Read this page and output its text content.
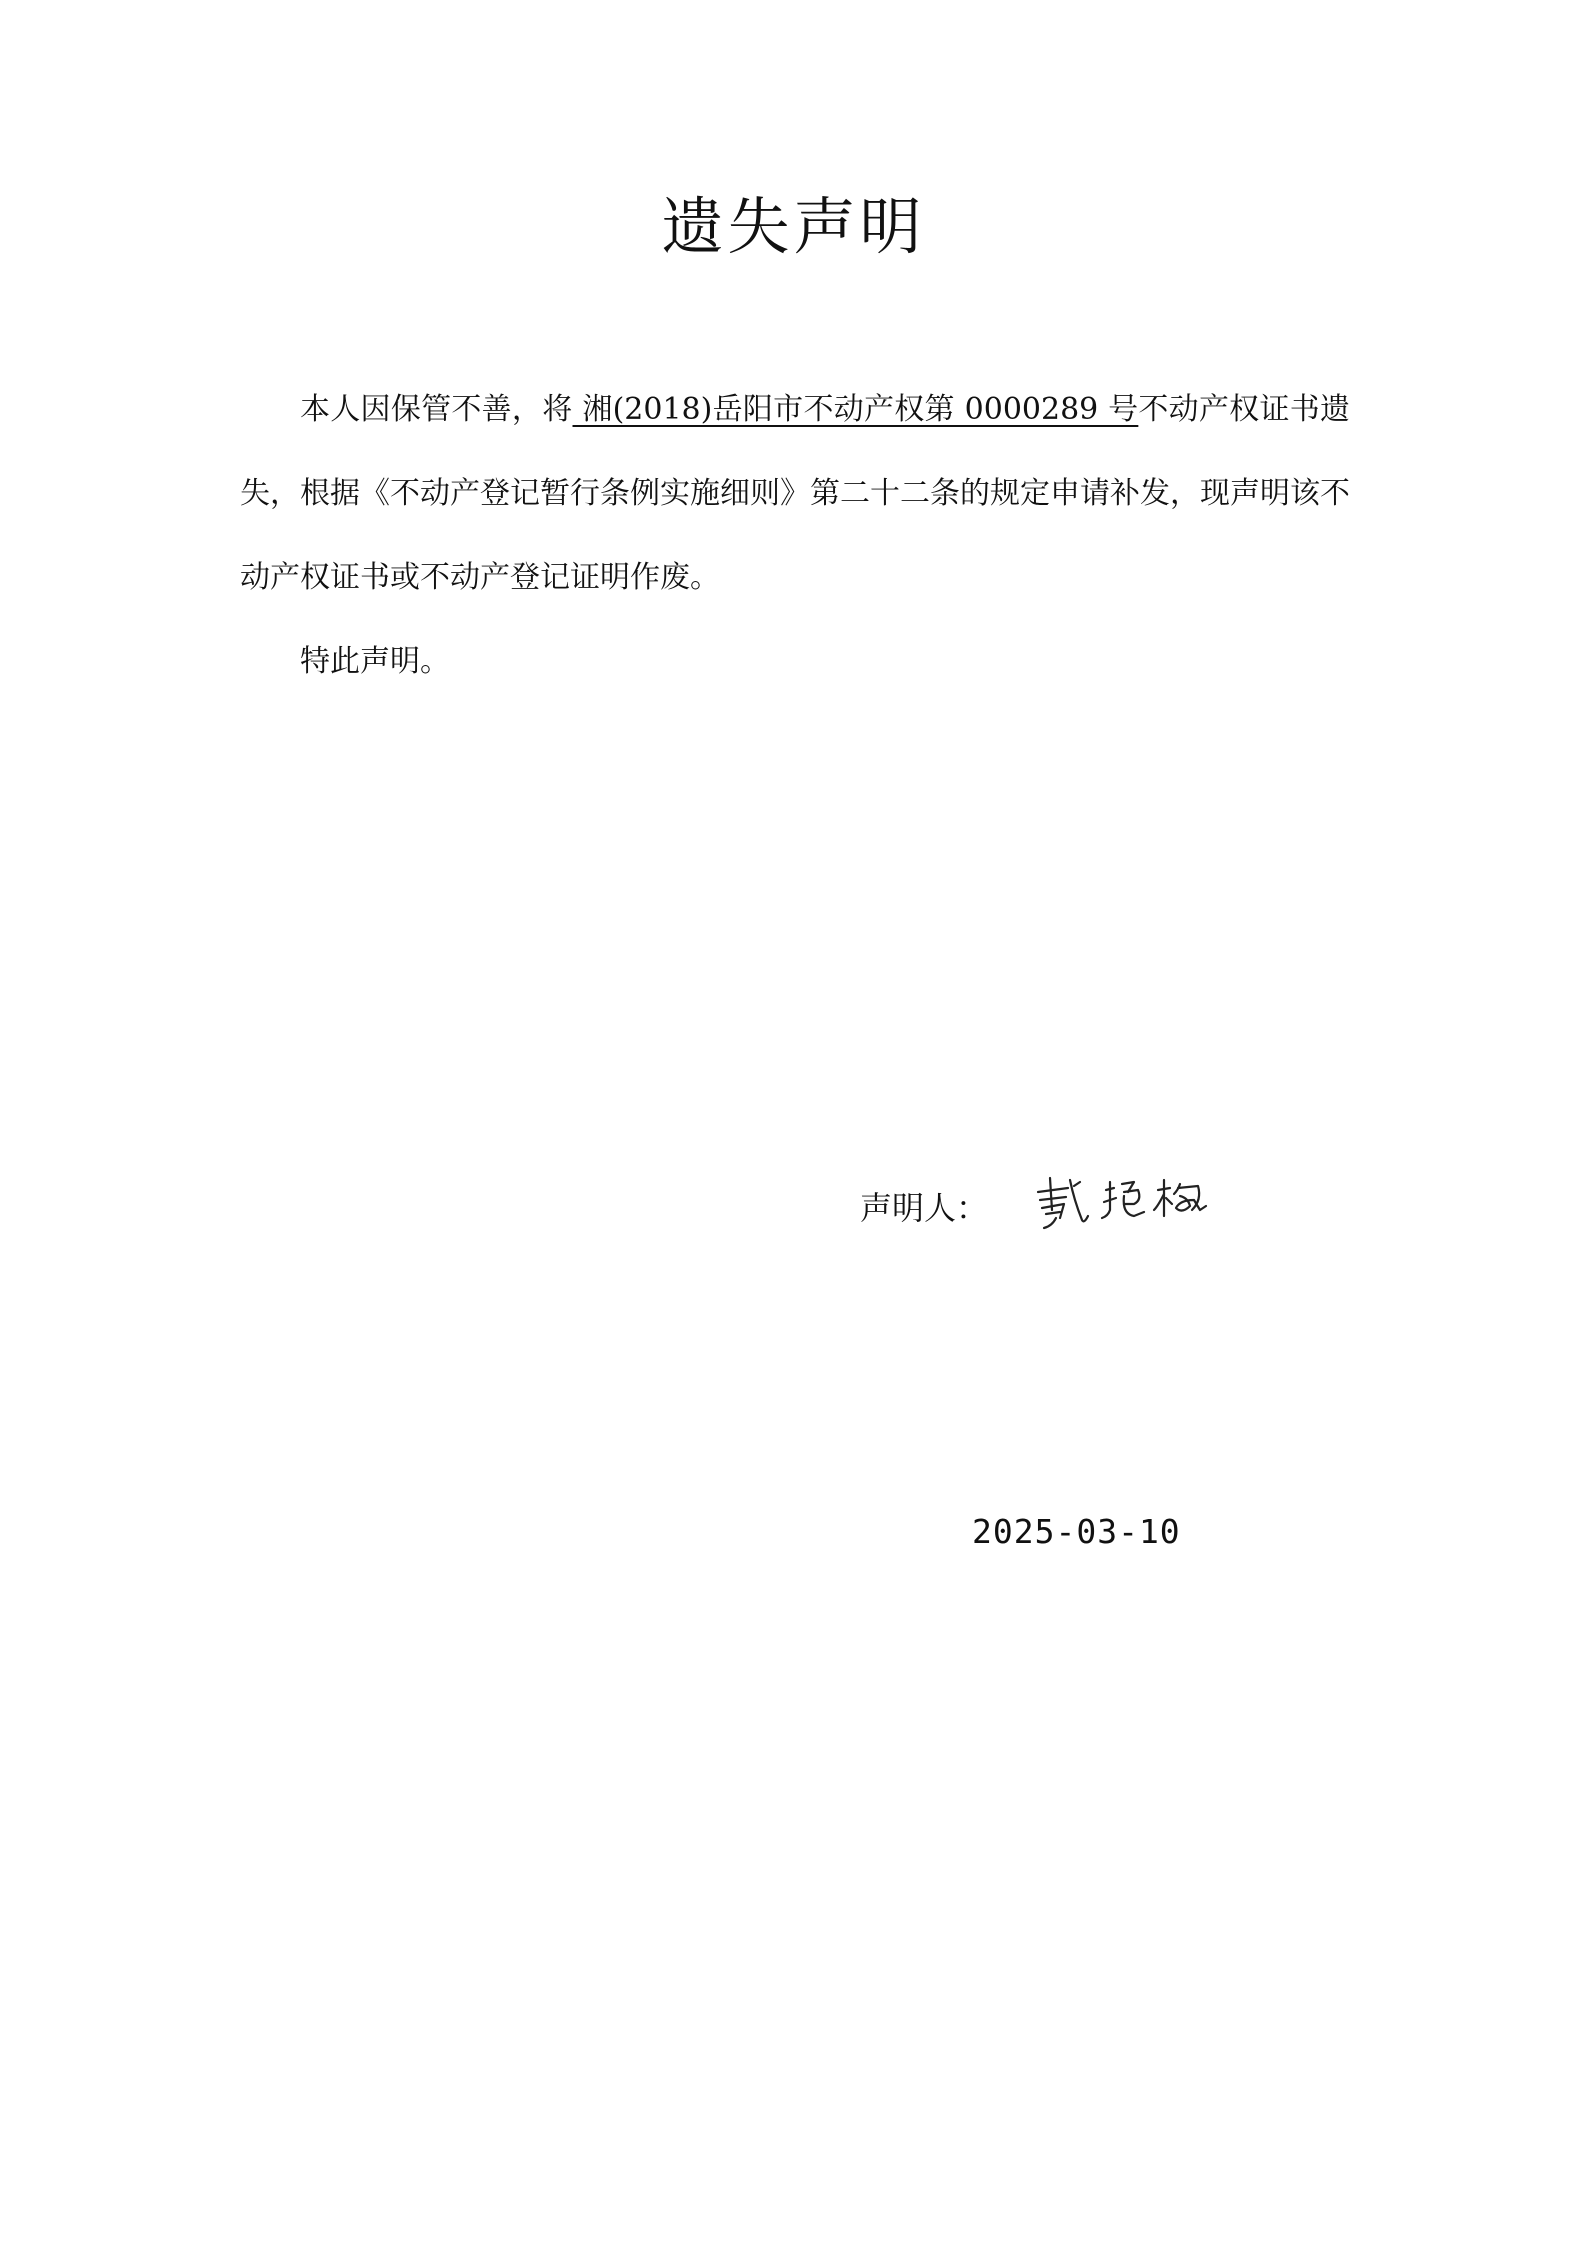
遗失声明

本人因保管不善，将 湘(2018)岳阳市不动产权第 0000289 号不动产权证书遗失，根据《不动产登记暂行条例实施细则》第二十二条的规定申请补发，现声明该不动产权证书或不动产登记证明作废。

特此声明。

声明人：
2025-03-10
